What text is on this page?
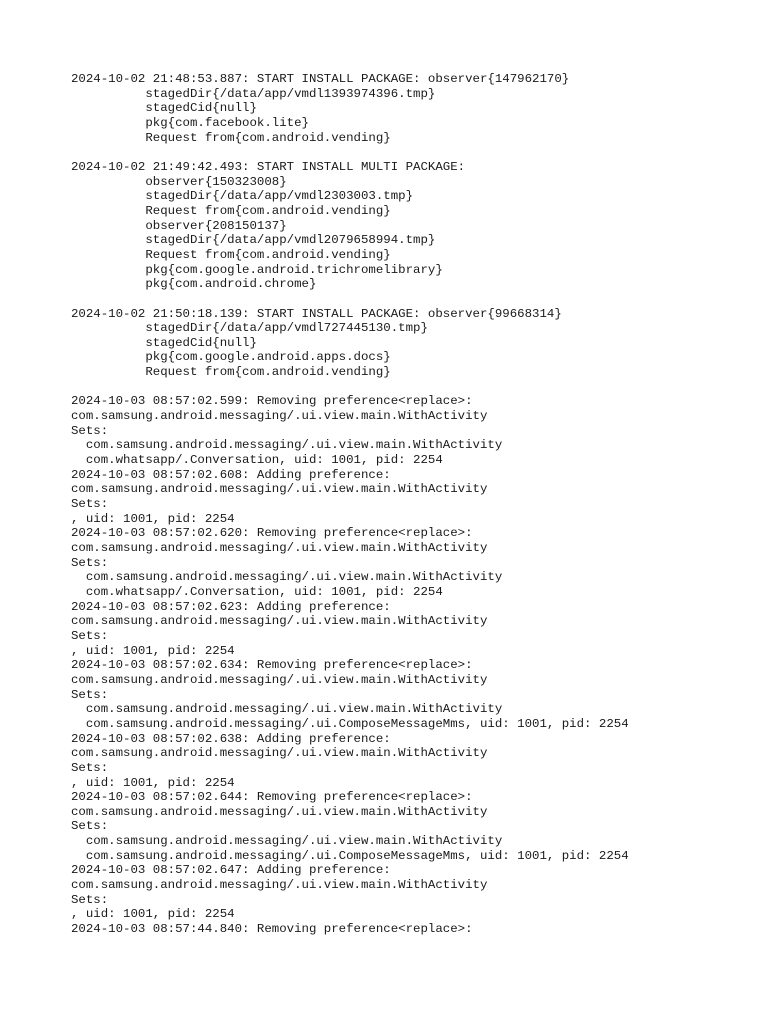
2024-10-02 21:48:53.887: START INSTALL PACKAGE: observer{147962170}
stagedDir{/data/app/vmdl1393974396.tmp}
stagedCid{null}
pkg{com.facebook.lite}
Request from{com.android.vending}
2024-10-02 21:49:42.493: START INSTALL MULTI PACKAGE:
observer{150323008}
stagedDir{/data/app/vmdl2303003.tmp}
Request from{com.android.vending}
observer{208150137}
stagedDir{/data/app/vmdl2079658994.tmp}
Request from{com.android.vending}
pkg{com.google.android.trichromelibrary}
pkg{com.android.chrome}
2024-10-02 21:50:18.139: START INSTALL PACKAGE: observer{99668314}
stagedDir{/data/app/vmdl727445130.tmp}
stagedCid{null}
pkg{com.google.android.apps.docs}
Request from{com.android.vending}
2024-10-03 08:57:02.599: Removing preference<replace>:
com.samsung.android.messaging/.ui.view.main.WithActivity
Sets:
com.samsung.android.messaging/.ui.view.main.WithActivity
com.whatsapp/.Conversation, uid: 1001, pid: 2254
2024-10-03 08:57:02.608: Adding preference:
com.samsung.android.messaging/.ui.view.main.WithActivity
Sets:
, uid: 1001, pid: 2254
2024-10-03 08:57:02.620: Removing preference<replace>:
com.samsung.android.messaging/.ui.view.main.WithActivity
Sets:
com.samsung.android.messaging/.ui.view.main.WithActivity
com.whatsapp/.Conversation, uid: 1001, pid: 2254
2024-10-03 08:57:02.623: Adding preference:
com.samsung.android.messaging/.ui.view.main.WithActivity
Sets:
, uid: 1001, pid: 2254
2024-10-03 08:57:02.634: Removing preference<replace>:
com.samsung.android.messaging/.ui.view.main.WithActivity
Sets:
com.samsung.android.messaging/.ui.view.main.WithActivity
com.samsung.android.messaging/.ui.ComposeMessageMms, uid: 1001, pid: 2254
2024-10-03 08:57:02.638: Adding preference:
com.samsung.android.messaging/.ui.view.main.WithActivity
Sets:
, uid: 1001, pid: 2254
2024-10-03 08:57:02.644: Removing preference<replace>:
com.samsung.android.messaging/.ui.view.main.WithActivity
Sets:
com.samsung.android.messaging/.ui.view.main.WithActivity
com.samsung.android.messaging/.ui.ComposeMessageMms, uid: 1001, pid: 2254
2024-10-03 08:57:02.647: Adding preference:
com.samsung.android.messaging/.ui.view.main.WithActivity
Sets:
, uid: 1001, pid: 2254
2024-10-03 08:57:44.840: Removing preference<replace>:
